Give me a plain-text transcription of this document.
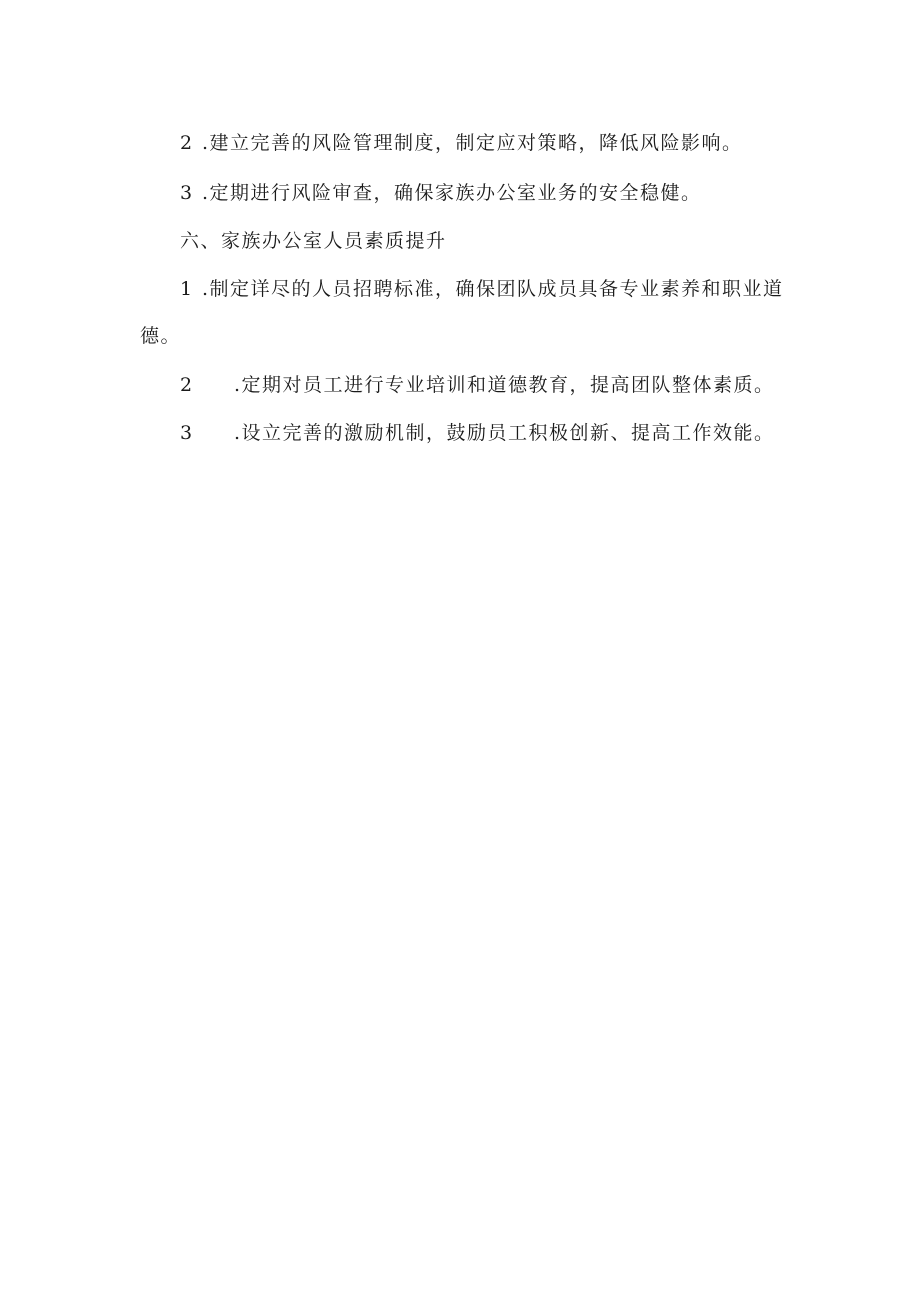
2 .建立完善的风险管理制度，制定应对策略，降低风险影响。
3 .定期进行风险审查，确保家族办公室业务的安全稳健。
六、家族办公室人员素质提升
1 .制定详尽的人员招聘标准，确保团队成员具备专业素养和职业道
德。
2 .定期对员工进行专业培训和道德教育，提高团队整体素质。
3 .设立完善的激励机制，鼓励员工积极创新、提高工作效能。
